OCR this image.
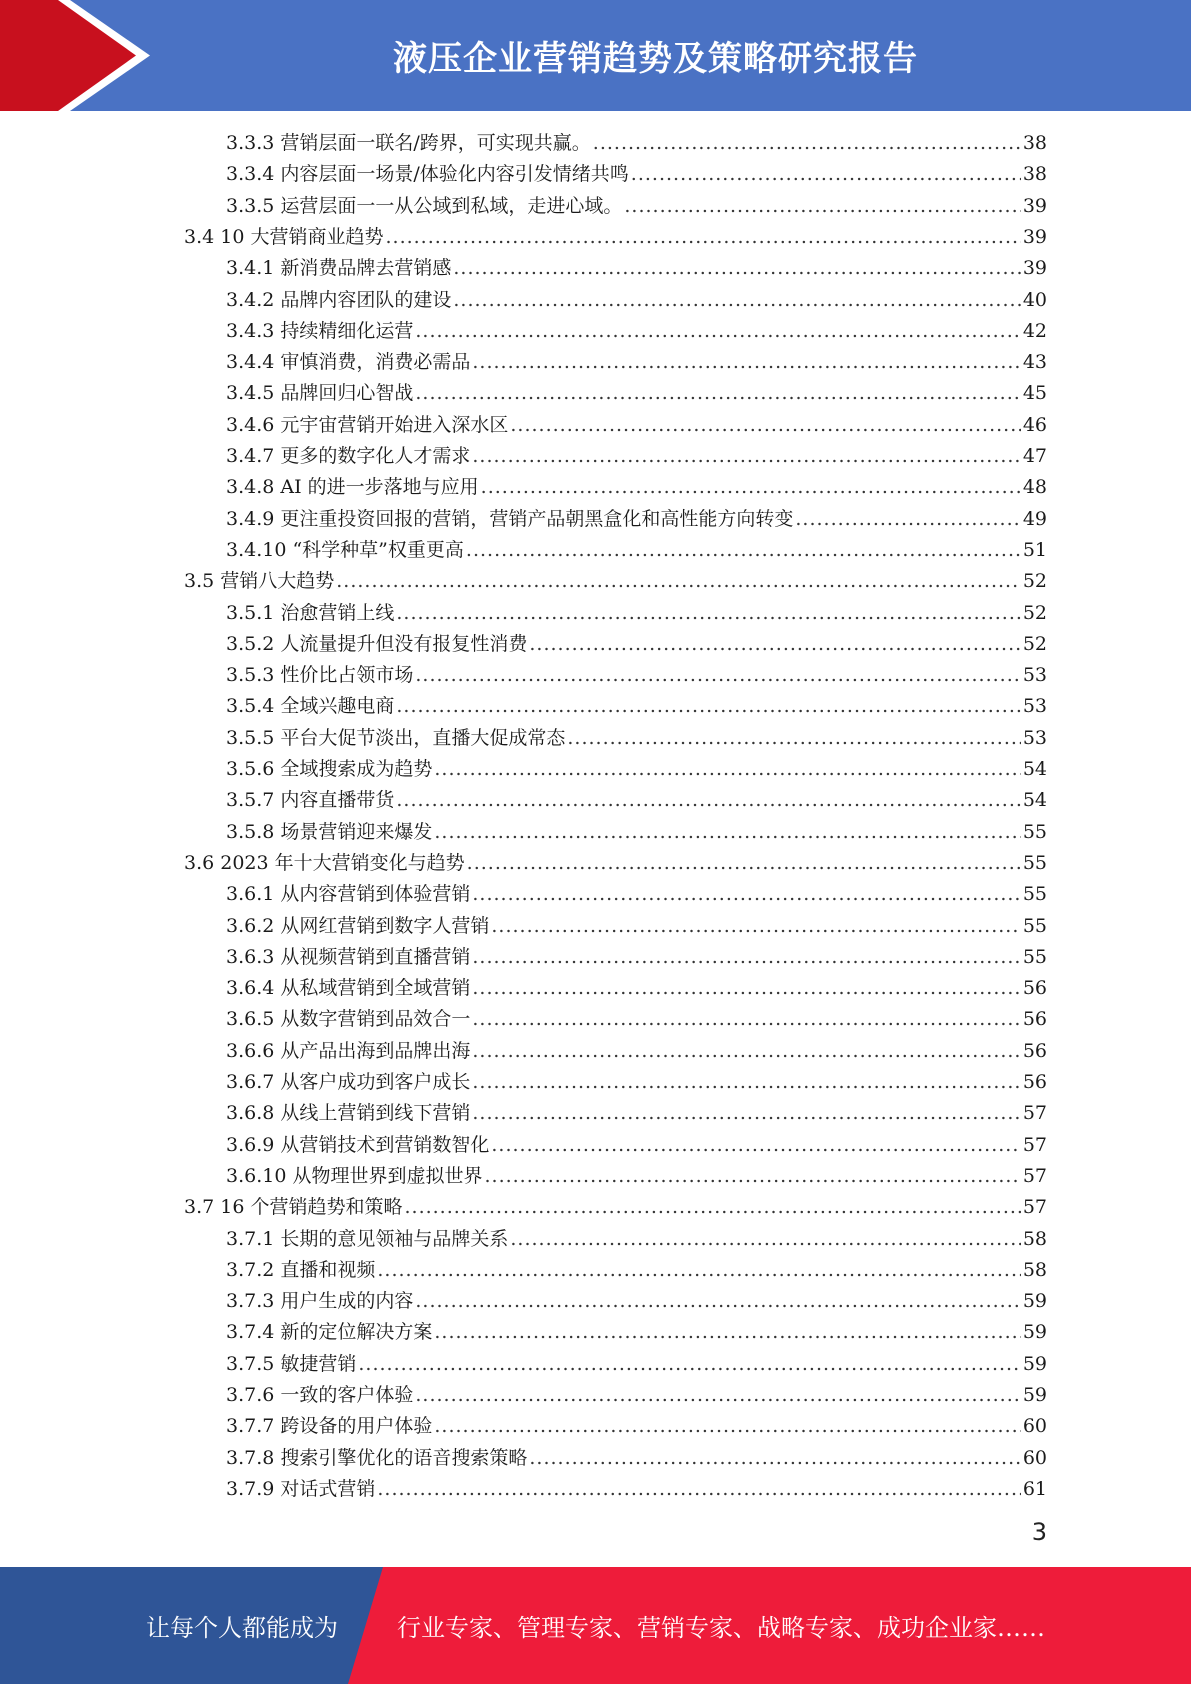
液压企业营销趋势及策略研究报告
3.3.3 营销层面一联名/跨界，可实现共赢。 .....	38
3.3.4 内容层面一场景/体验化内容引发情绪共鸣 .....	38
3.3.5 运营层面一一从公域到私域，走进心域。 .....	39
3.4 10 大营销商业趋势 .....	39
3.4.1 新消费品牌去营销感 .....	39
3.4.2 品牌内容团队的建设 .....	40
3.4.3 持续精细化运营 .....	42
3.4.4 审慎消费，消费必需品 .....	43
3.4.5 品牌回归心智战 .....	45
3.4.6 元宇宙营销开始进入深水区 .....	46
3.4.7 更多的数字化人才需求 .....	47
3.4.8 AI 的进一步落地与应用 .....	48
3.4.9 更注重投资回报的营销，营销产品朝黑盒化和高性能方向转变 .....	49
3.4.10 “科学种草”权重更高 .....	51
3.5 营销八大趋势 .....	52
3.5.1 治愈营销上线 .....	52
3.5.2 人流量提升但没有报复性消费 .....	52
3.5.3 性价比占领市场 .....	53
3.5.4 全域兴趣电商 .....	53
3.5.5 平台大促节淡出，直播大促成常态 .....	53
3.5.6 全域搜索成为趋势 .....	54
3.5.7 内容直播带货 .....	54
3.5.8 场景营销迎来爆发 .....	55
3.6 2023 年十大营销变化与趋势 .....	55
3.6.1 从内容营销到体验营销 .....	55
3.6.2 从网红营销到数字人营销 .....	55
3.6.3 从视频营销到直播营销 .....	55
3.6.4 从私域营销到全域营销 .....	56
3.6.5 从数字营销到品效合一 .....	56
3.6.6 从产品出海到品牌出海 .....	56
3.6.7 从客户成功到客户成长 .....	56
3.6.8 从线上营销到线下营销 .....	57
3.6.9 从营销技术到营销数智化 .....	57
3.6.10 从物理世界到虚拟世界 .....	57
3.7 16 个营销趋势和策略 .....	57
3.7.1 长期的意见领袖与品牌关系 .....	58
3.7.2 直播和视频 .....	58
3.7.3 用户生成的内容 .....	59
3.7.4 新的定位解决方案 .....	59
3.7.5 敏捷营销 .....	59
3.7.6 一致的客户体验 .....	59
3.7.7 跨设备的用户体验 .....	60
3.7.8 搜索引擎优化的语音搜索策略 .....	60
3.7.9 对话式营销 .....	61
3
让每个人都能成为	行业专家、管理专家、营销专家、战略专家、成功企业家……
